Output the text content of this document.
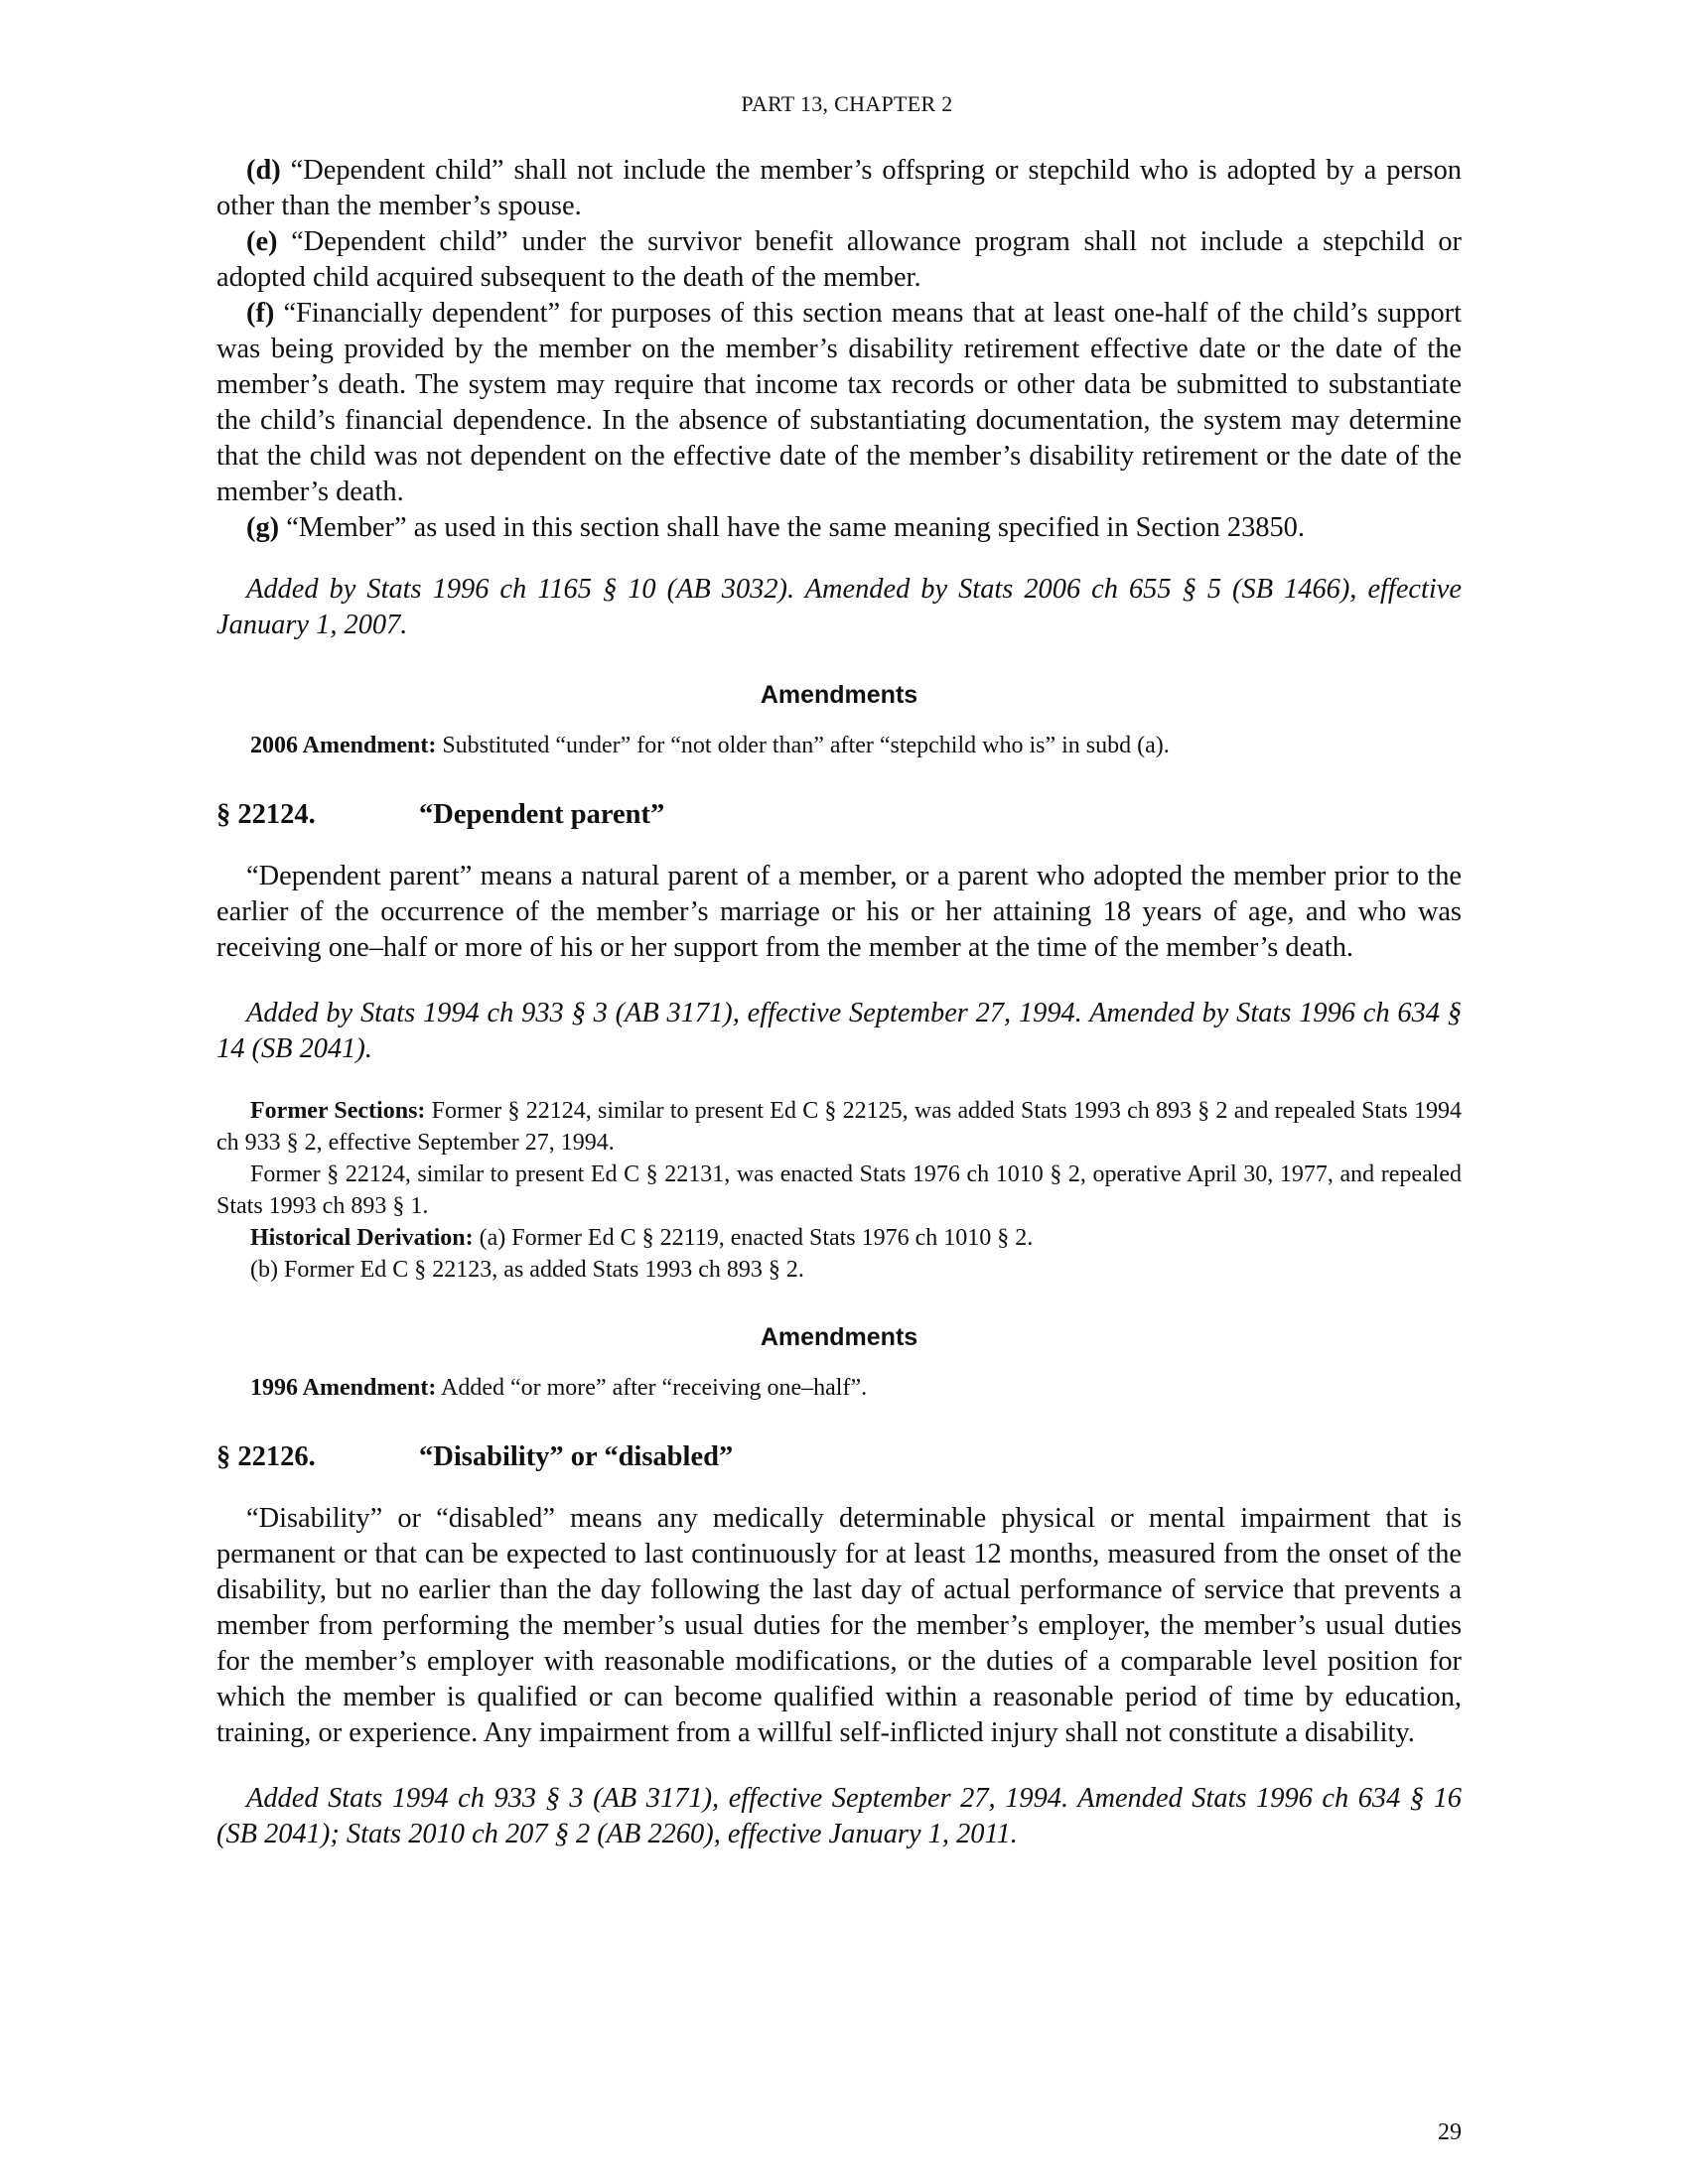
PART 13, CHAPTER 2

(d) “Dependent child” shall not include the member’s offspring or stepchild who is adopted by a person other than the member’s spouse.

(e) “Dependent child” under the survivor benefit allowance program shall not include a stepchild or adopted child acquired subsequent to the death of the member.

(f) “Financially dependent” for purposes of this section means that at least one-half of the child’s support was being provided by the member on the member’s disability retirement effective date or the date of the member’s death. The system may require that income tax records or other data be submitted to substantiate the child’s financial dependence. In the absence of substantiating documentation, the system may determine that the child was not dependent on the effective date of the member’s disability retirement or the date of the member’s death.

(g) “Member” as used in this section shall have the same meaning specified in Section 23850.

Added by Stats 1996 ch 1165 § 10 (AB 3032). Amended by Stats 2006 ch 655 § 5 (SB 1466), effective January 1, 2007.

Amendments

2006 Amendment: Substituted “under” for “not older than” after “stepchild who is” in subd (a).

§ 22124.	“Dependent parent”

“Dependent parent” means a natural parent of a member, or a parent who adopted the member prior to the earlier of the occurrence of the member’s marriage or his or her attaining 18 years of age, and who was receiving one–half or more of his or her support from the member at the time of the member’s death.

Added by Stats 1994 ch 933 § 3 (AB 3171), effective September 27, 1994. Amended by Stats 1996 ch 634 § 14 (SB 2041).

Former Sections: Former § 22124, similar to present Ed C § 22125, was added Stats 1993 ch 893 § 2 and repealed Stats 1994 ch 933 § 2, effective September 27, 1994.

Former § 22124, similar to present Ed C § 22131, was enacted Stats 1976 ch 1010 § 2, operative April 30, 1977, and repealed Stats 1993 ch 893 § 1.

Historical Derivation: (a) Former Ed C § 22119, enacted Stats 1976 ch 1010 § 2.

(b) Former Ed C § 22123, as added Stats 1993 ch 893 § 2.

Amendments

1996 Amendment: Added “or more” after “receiving one–half”.

§ 22126.	“Disability” or “disabled”

“Disability” or “disabled” means any medically determinable physical or mental impairment that is permanent or that can be expected to last continuously for at least 12 months, measured from the onset of the disability, but no earlier than the day following the last day of actual performance of service that prevents a member from performing the member’s usual duties for the member’s employer, the member’s usual duties for the member’s employer with reasonable modifications, or the duties of a comparable level position for which the member is qualified or can become qualified within a reasonable period of time by education, training, or experience. Any impairment from a willful self-inflicted injury shall not constitute a disability.

Added Stats 1994 ch 933 § 3 (AB 3171), effective September 27, 1994. Amended Stats 1996 ch 634 § 16 (SB 2041); Stats 2010 ch 207 § 2 (AB 2260), effective January 1, 2011.

29
